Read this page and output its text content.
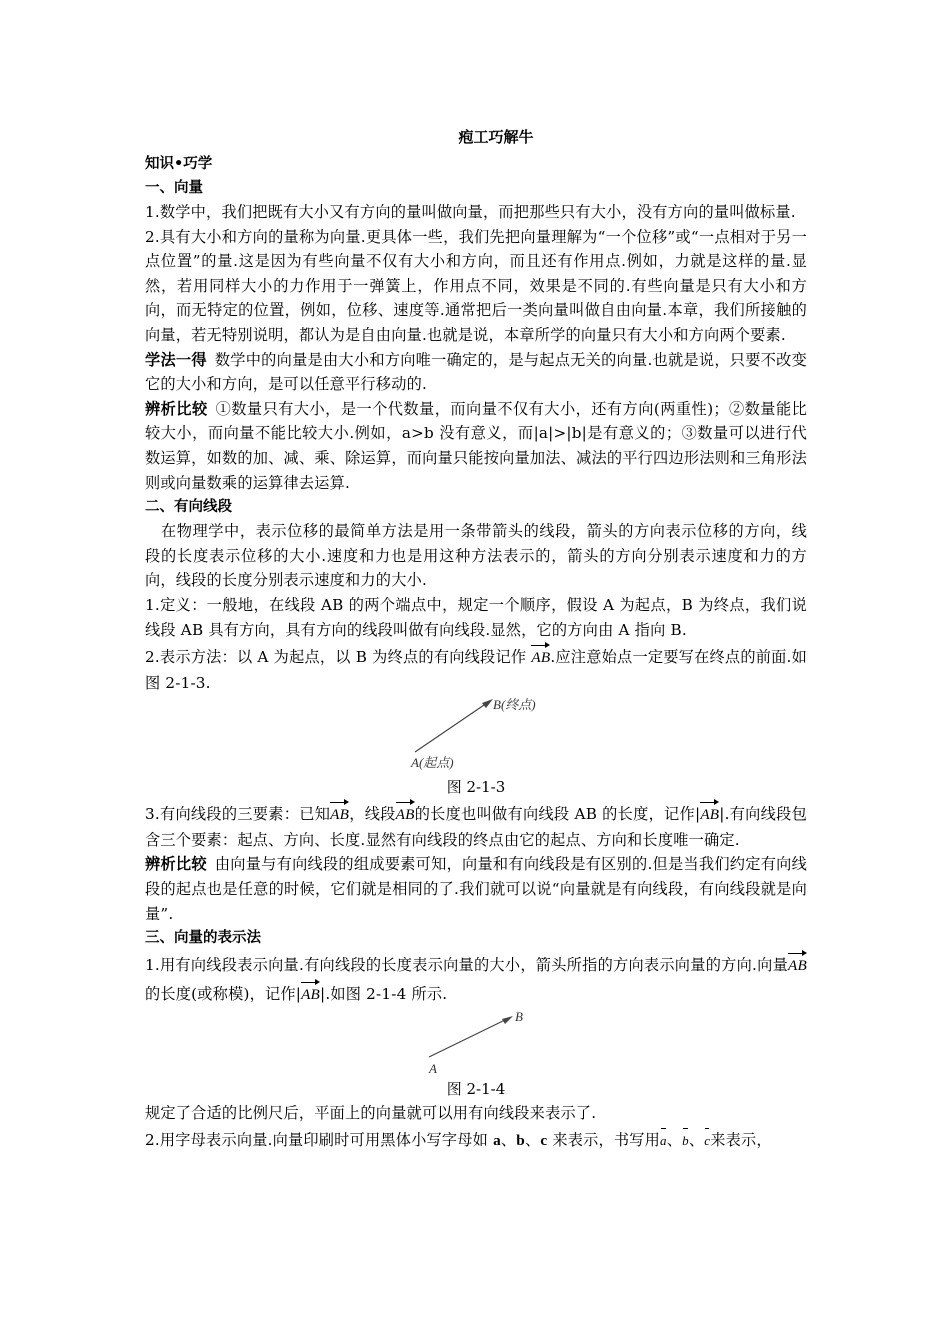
疱工巧解牛
知识•巧学
一、向量
1.数学中，我们把既有大小又有方向的量叫做向量，而把那些只有大小，没有方向的量叫做标量.
2.具有大小和方向的量称为向量.更具体一些，我们先把向量理解为“一个位移”或“一点相对于另一点位置”的量.这是因为有些向量不仅有大小和方向，而且还有作用点.例如，力就是这样的量.显然，若用同样大小的力作用于一弹簧上，作用点不同，效果是不同的.有些向量是只有大小和方向，而无特定的位置，例如，位移、速度等.通常把后一类向量叫做自由向量.本章，我们所接触的向量，若无特别说明，都认为是自由向量.也就是说，本章所学的向量只有大小和方向两个要素.
学法一得 数学中的向量是由大小和方向唯一确定的，是与起点无关的向量.也就是说，只要不改变它的大小和方向，是可以任意平行移动的.
辨析比较 ①数量只有大小，是一个代数量，而向量不仅有大小，还有方向(两重性)；②数量能比较大小，而向量不能比较大小.例如，a>b 没有意义，而|a|>|b|是有意义的；③数量可以进行代数运算，如数的加、减、乘、除运算，而向量只能按向量加法、减法的平行四边形法则和三角形法则或向量数乘的运算律去运算.
二、有向线段
在物理学中，表示位移的最简单方法是用一条带箭头的线段，箭头的方向表示位移的方向，线段的长度表示位移的大小.速度和力也是用这种方法表示的，箭头的方向分别表示速度和力的方向，线段的长度分别表示速度和力的大小.
1.定义：一般地，在线段 AB 的两个端点中，规定一个顺序，假设 A 为起点，B 为终点，我们说线段 AB 具有方向，具有方向的线段叫做有向线段.显然，它的方向由 A 指向 B.
2.表示方法：以 A 为起点，以 B 为终点的有向线段记作 AB.应注意始点一定要写在终点的前面.如图 2-1-3.
B(终点)
A(起点)
图 2-1-3
3.有向线段的三要素：已知AB，线段AB的长度也叫做有向线段 AB 的长度，记作|AB|.有向线段包含三个要素：起点、方向、长度.显然有向线段的终点由它的起点、方向和长度唯一确定.
辨析比较 由向量与有向线段的组成要素可知，向量和有向线段是有区别的.但是当我们约定有向线段的起点也是任意的时候，它们就是相同的了.我们就可以说“向量就是有向线段，有向线段就是向量”.
三、向量的表示法
1.用有向线段表示向量.有向线段的长度表示向量的大小，箭头所指的方向表示向量的方向.向量AB的长度(或称模)，记作|AB|.如图 2-1-4 所示.
B
A
图 2-1-4
规定了合适的比例尺后，平面上的向量就可以用有向线段来表示了.
2.用字母表示向量.向量印刷时可用黑体小写字母如 a、b、c 来表示，书写用a、b、c来表示，
